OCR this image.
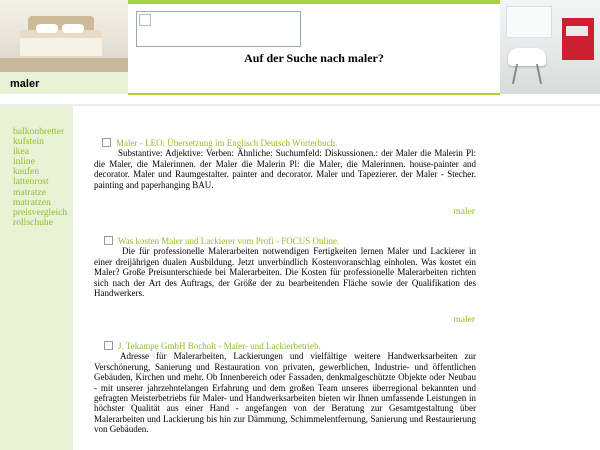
Auf der Suche nach maler?
maler
balkonbretter
kufstein
ikea
inline
kaufen
lattenrost
matratze
matratzen
preisvergleich
rollschuhe
Maler - LEO: Übersetzung im Englisch Deutsch Wörterbuch.
Substantive: Adjektive: Verben: Ähnliche: Suchumfeld: Diskussionen.: der Maler die Malerin Pl: die Maler, die Malerinnen. der Maler die Malerin Pl: die Maler, die Malerinnen. house-painter and decorator. Maler und Raumgestalter. painter and decorator. Maler und Tapezierer. der Maler - Stecher. painting and paperhanging BAU.
maler
Was kosten Maler und Lackierer vom Profi - FOCUS Online.
Die für professionelle Malerarbeiten notwendigen Fertigkeiten lernen Maler und Lackierer in einer dreijährigen dualen Ausbildung. Jetzt unverbindlich Kostenvoranschlag einholen. Was kostet ein Maler? Große Preisunterschiede bei Malerarbeiten. Die Kosten für professionelle Malerarbeiten richten sich nach der Art des Auftrags, der Größe der zu bearbeitenden Fläche sowie der Qualifikation des Handwerkers.
maler
J. Tekampe GmbH Bocholt - Maler- und Lackierbetrieb.
Adresse für Malerarbeiten, Lackierungen und vielfältige weitere Handwerksarbeiten zur Verschönerung, Sanierung und Restauration von privaten, gewerblichen, Industrie- und öffentlichen Gebäuden, Kirchen und mehr. Ob Innenbereich oder Fassaden, denkmalgeschützte Objekte oder Neubau - mit unserer jahrzehntelangen Erfahrung und dem großen Team unseres überregional bekannten und gefragten Meisterbetriebs für Maler- und Handwerksarbeiten bieten wir Ihnen umfassende Leistungen in höchster Qualität aus einer Hand - angefangen von der Beratung zur Gesamtgestaltung über Malerarbeiten und Lackierung bis hin zur Dämmung, Schimmelentfernung, Sanierung und Restaurierung von Gebäuden.
